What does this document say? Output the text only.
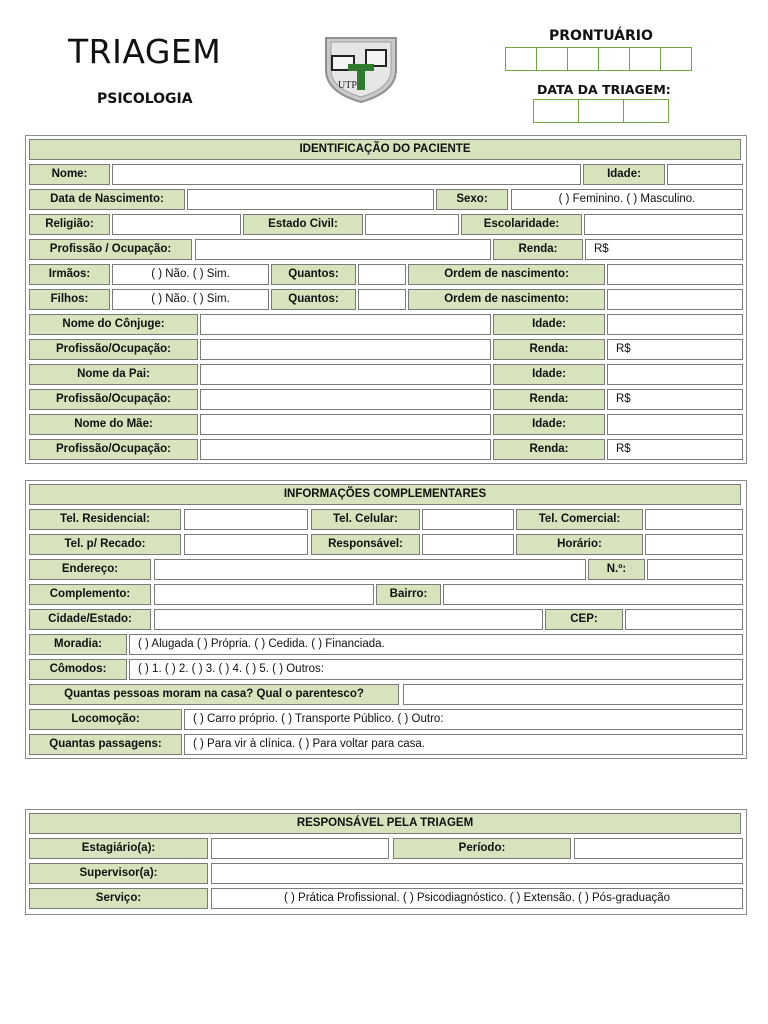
TRIAGEM
PSICOLOGIA
UTP
PRONTUÁRIO
DATA DA TRIAGEM:
IDENTIFICAÇÃO DO PACIENTE
Nome:	Idade:
Data de Nascimento:	Sexo:	( ) Feminino. ( ) Masculino.
Religião:	Estado Civil:	Escolaridade:
Profissão / Ocupação:	Renda:	R$
Irmãos:	( ) Não. ( ) Sim.	Quantos:	Ordem de nascimento:
Filhos:	( ) Não. ( ) Sim.	Quantos:	Ordem de nascimento:
Nome do Cônjuge:	Idade:
Profissão/Ocupação:	Renda:	R$
Nome da Pai:	Idade:
Profissão/Ocupação:	Renda:	R$
Nome do Mãe:	Idade:
Profissão/Ocupação:	Renda:	R$
INFORMAÇÕES COMPLEMENTARES
Tel. Residencial:	Tel. Celular:	Tel. Comercial:
Tel. p/ Recado:	Responsável:	Horário:
Endereço:	N.º:
Complemento:	Bairro:
Cidade/Estado:	CEP:
Moradia:	( ) Alugada ( ) Própria. ( ) Cedida. ( ) Financiada.
Cômodos:	( ) 1. ( ) 2. ( ) 3. ( ) 4. ( ) 5. ( ) Outros:
Quantas pessoas moram na casa? Qual o parentesco?
Locomoção:	( ) Carro próprio. ( ) Transporte Público. ( ) Outro:
Quantas passagens:	( ) Para vir à clínica. ( ) Para voltar para casa.
RESPONSÁVEL PELA TRIAGEM
Estagiário(a):	Período:
Supervisor(a):
Serviço:	( ) Prática Profissional. ( ) Psicodiagnóstico. ( ) Extensão. ( ) Pós-graduação
